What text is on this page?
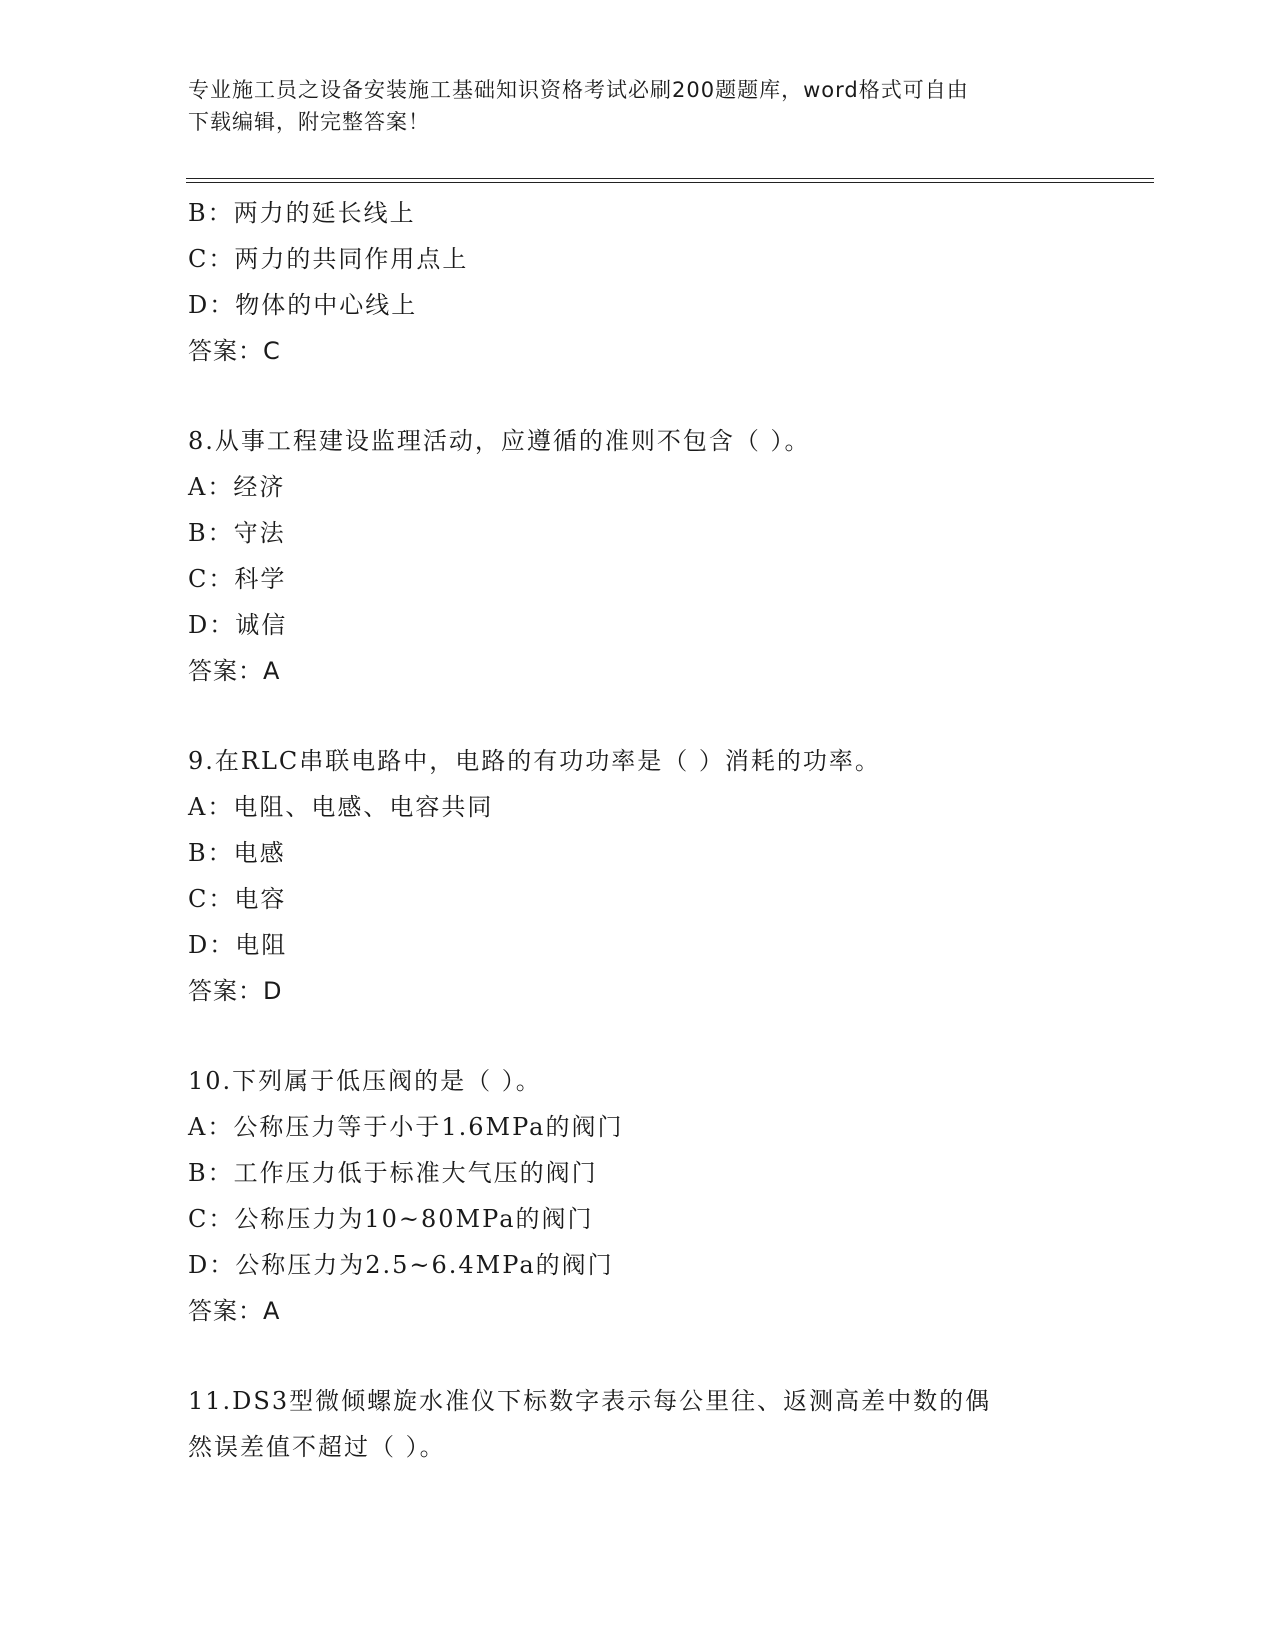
专业施工员之设备安装施工基础知识资格考试必刷200题题库，word格式可自由
下载编辑，附完整答案！
B：两力的延长线上
C：两力的共同作用点上
D：物体的中心线上
答案：C
8.从事工程建设监理活动，应遵循的准则不包含（ ）。
A：经济
B：守法
C：科学
D：诚信
答案：A
9.在RLC串联电路中，电路的有功功率是（ ）消耗的功率。
A：电阻、电感、电容共同
B：电感
C：电容
D：电阻
答案：D
10.下列属于低压阀的是（ ）。
A：公称压力等于小于1.6MPa的阀门
B：工作压力低于标准大气压的阀门
C：公称压力为10~80MPa的阀门
D：公称压力为2.5~6.4MPa的阀门
答案：A
11.DS3型微倾螺旋水准仪下标数字表示每公里往、返测高差中数的偶
然误差值不超过（ ）。
